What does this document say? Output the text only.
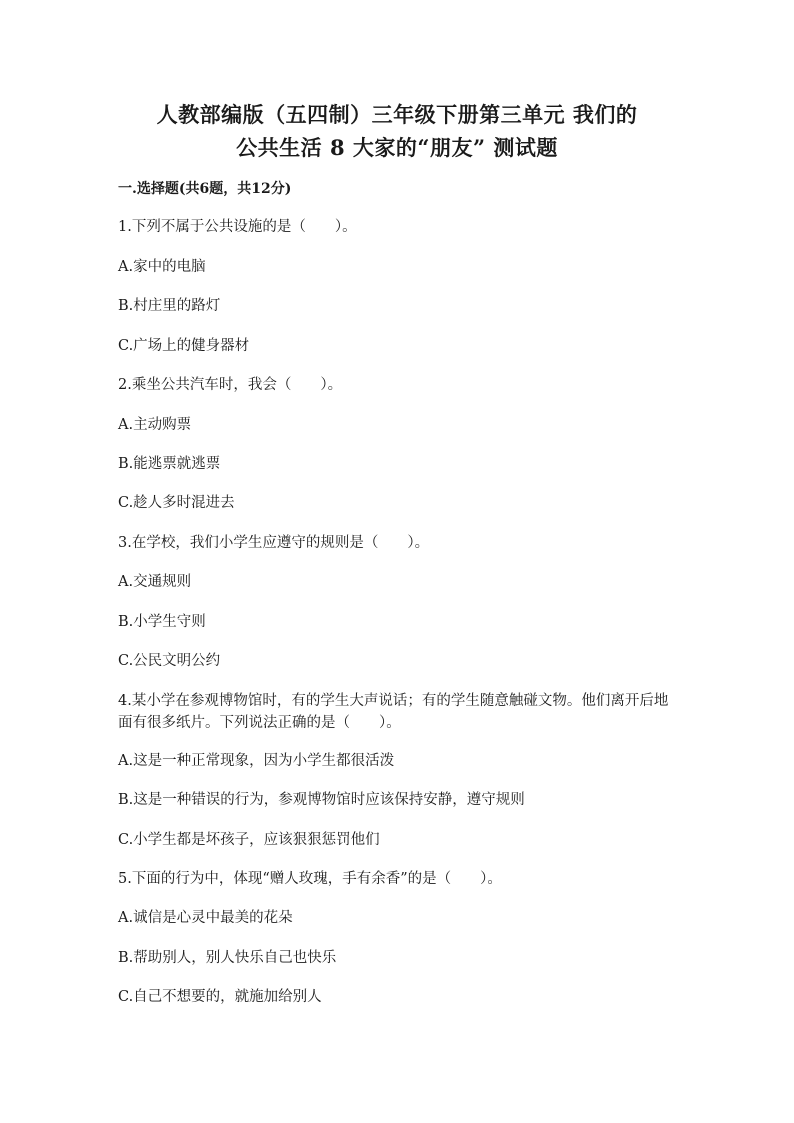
人教部编版（五四制）三年级下册第三单元 我们的
公共生活 8 大家的“朋友” 测试题
一.选择题(共6题，共12分)
1.下列不属于公共设施的是（　　）。
A.家中的电脑
B.村庄里的路灯
C.广场上的健身器材
2.乘坐公共汽车时，我会（　　）。
A.主动购票
B.能逃票就逃票
C.趁人多时混进去
3.在学校，我们小学生应遵守的规则是（　　）。
A.交通规则
B.小学生守则
C.公民文明公约
4.某小学在参观博物馆时，有的学生大声说话；有的学生随意触碰文物。他们离开后地面有很多纸片。下列说法正确的是（　　）。
A.这是一种正常现象，因为小学生都很活泼
B.这是一种错误的行为，参观博物馆时应该保持安静，遵守规则
C.小学生都是坏孩子，应该狠狠惩罚他们
5.下面的行为中，体现“赠人玫瑰，手有余香”的是（　　）。
A.诚信是心灵中最美的花朵
B.帮助别人，别人快乐自己也快乐
C.自己不想要的，就施加给别人
